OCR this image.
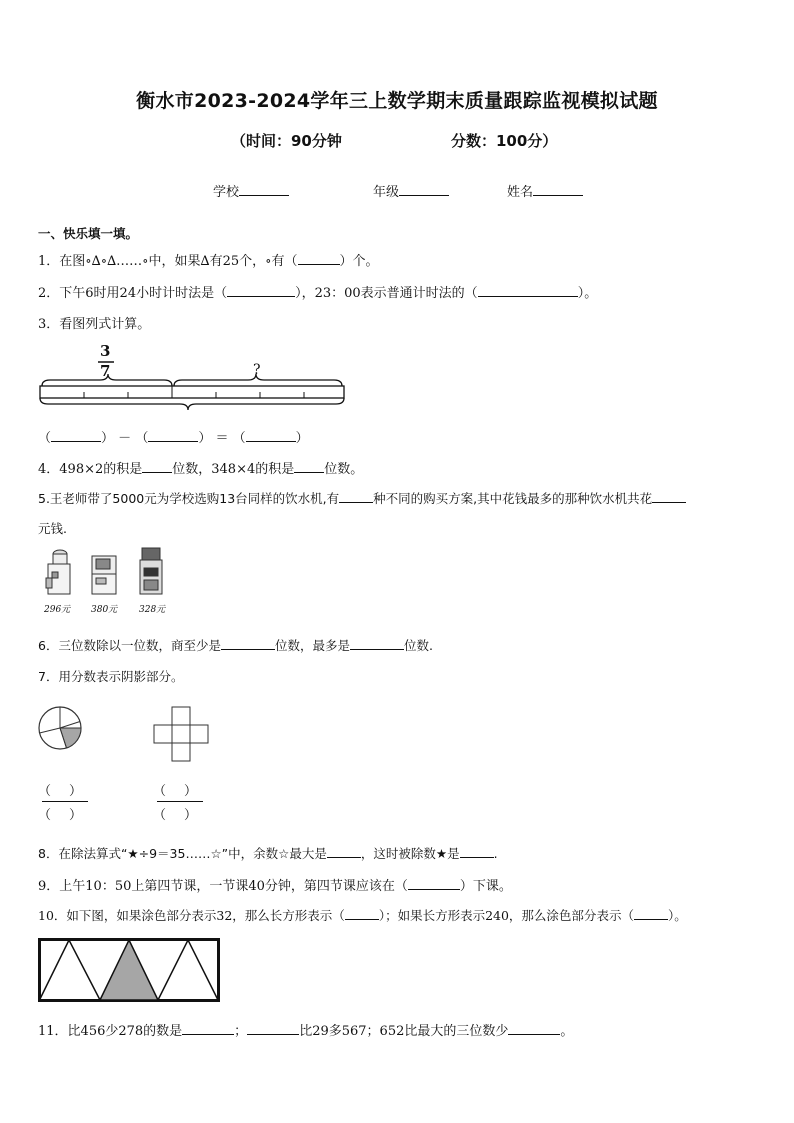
衡水市2023-2024学年三上数学期末质量跟踪监视模拟试题
（时间：90分钟	分数：100分）
学校	年级	姓名
一、快乐填一填。
1．在图∘∆∘∆……∘中，如果∆有25个，∘有（	）个。
2．下午6时用24小时计时法是（	），23：00表示普通计时法的（	）。
3．看图列式计算。
3
7	?
（	） － （	） ＝ （	）
4．498×2的积是 位数，348×4的积是 位数。
5.王老师带了5000元为学校选购13台同样的饮水机,有	种不同的购买方案,其中花钱最多的那种饮水机共花
元钱.
296元 380元 328元
6．三位数除以一位数，商至少是	位数，最多是	位数.
7．用分数表示阴影部分。
（ ）
（ ）
（ ）
（ ）
8．在除法算式“★÷9＝35……☆”中，余数☆最大是	，这时被除数★是	.
9．上午10：50上第四节课，一节课40分钟，第四节课应该在（	）下课。
10．如下图，如果涂色部分表示32，那么长方形表示（	）；如果长方形表示240，那么涂色部分表示（	）。
11．比456少278的数是	；	比29多567；652比最大的三位数少	。
